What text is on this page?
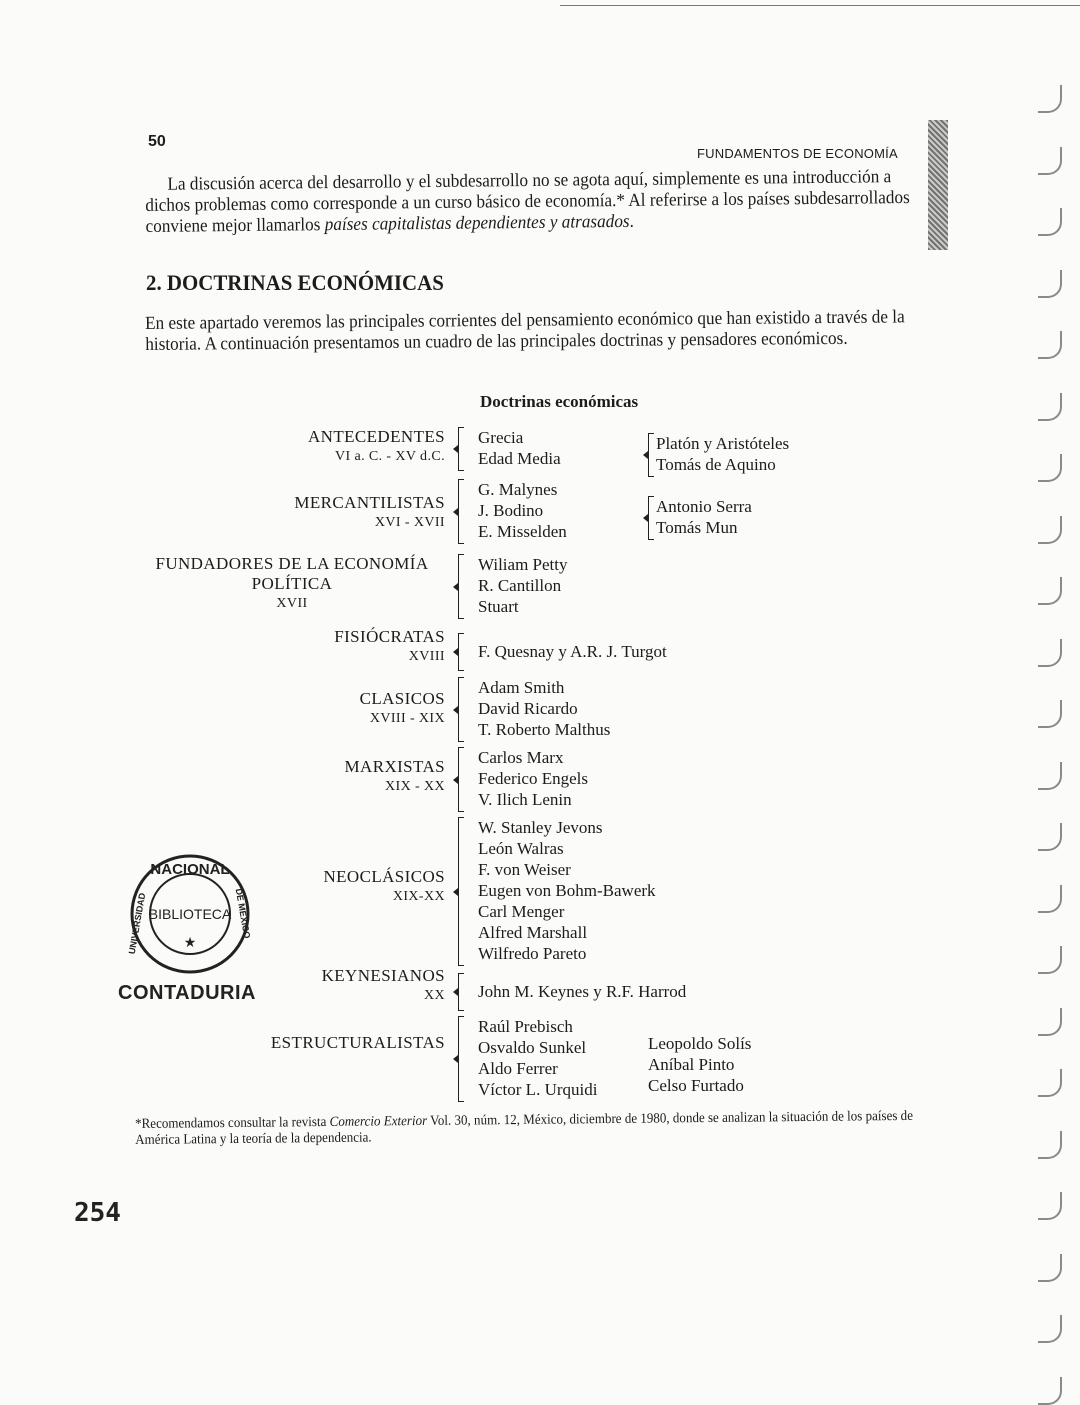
50
FUNDAMENTOS DE ECONOMÍA
La discusión acerca del desarrollo y el subdesarrollo no se agota aquí, simplemente es una introducción a dichos problemas como corresponde a un curso básico de economía.* Al referirse a los países subdesarrollados conviene mejor llamarlos países capitalistas dependientes y atrasados.
2. DOCTRINAS ECONÓMICAS
En este apartado veremos las principales corrientes del pensamiento económico que han existido a través de la historia. A continuación presentamos un cuadro de las principales doctrinas y pensadores económicos.
Doctrinas económicas
ANTECEDENTES
VI a. C. - XV d.C.
Grecia
Edad Media
Platón y Aristóteles
Tomás de Aquino
MERCANTILISTAS
XVI - XVII
G. Malynes
J. Bodino
E. Misselden
Antonio Serra
Tomás Mun
FUNDADORES DE LA ECONOMÍA
POLÍTICA
XVII
Wiliam Petty
R. Cantillon
Stuart
FISIÓCRATAS
XVIII F. Quesnay y A.R. J. Turgot
CLASICOS
XVIII - XIX
Adam Smith
David Ricardo
T. Roberto Malthus
MARXISTAS
XIX - XX
Carlos Marx
Federico Engels
V. Ilich Lenin
NEOCLÁSICOS
XIX-XX
W. Stanley Jevons
León Walras
F. von Weiser
Eugen von Bohm-Bawerk
Carl Menger
Alfred Marshall
Wilfredo Pareto
KEYNESIANOS
XX John M. Keynes y R.F. Harrod
ESTRUCTURALISTAS
Raúl Prebisch
Osvaldo Sunkel
Aldo Ferrer
Víctor L. Urquidi
Leopoldo Solís
Aníbal Pinto
Celso Furtado
NACIONAL
BIBLIOTECA
★
UNIVERSIDAD	DE MEXICO
CONTADURIA
*Recomendamos consultar la revista Comercio Exterior Vol. 30, núm. 12, México, diciembre de 1980, donde se analizan la situación de los países de América Latina y la teoría de la dependencia.
254
